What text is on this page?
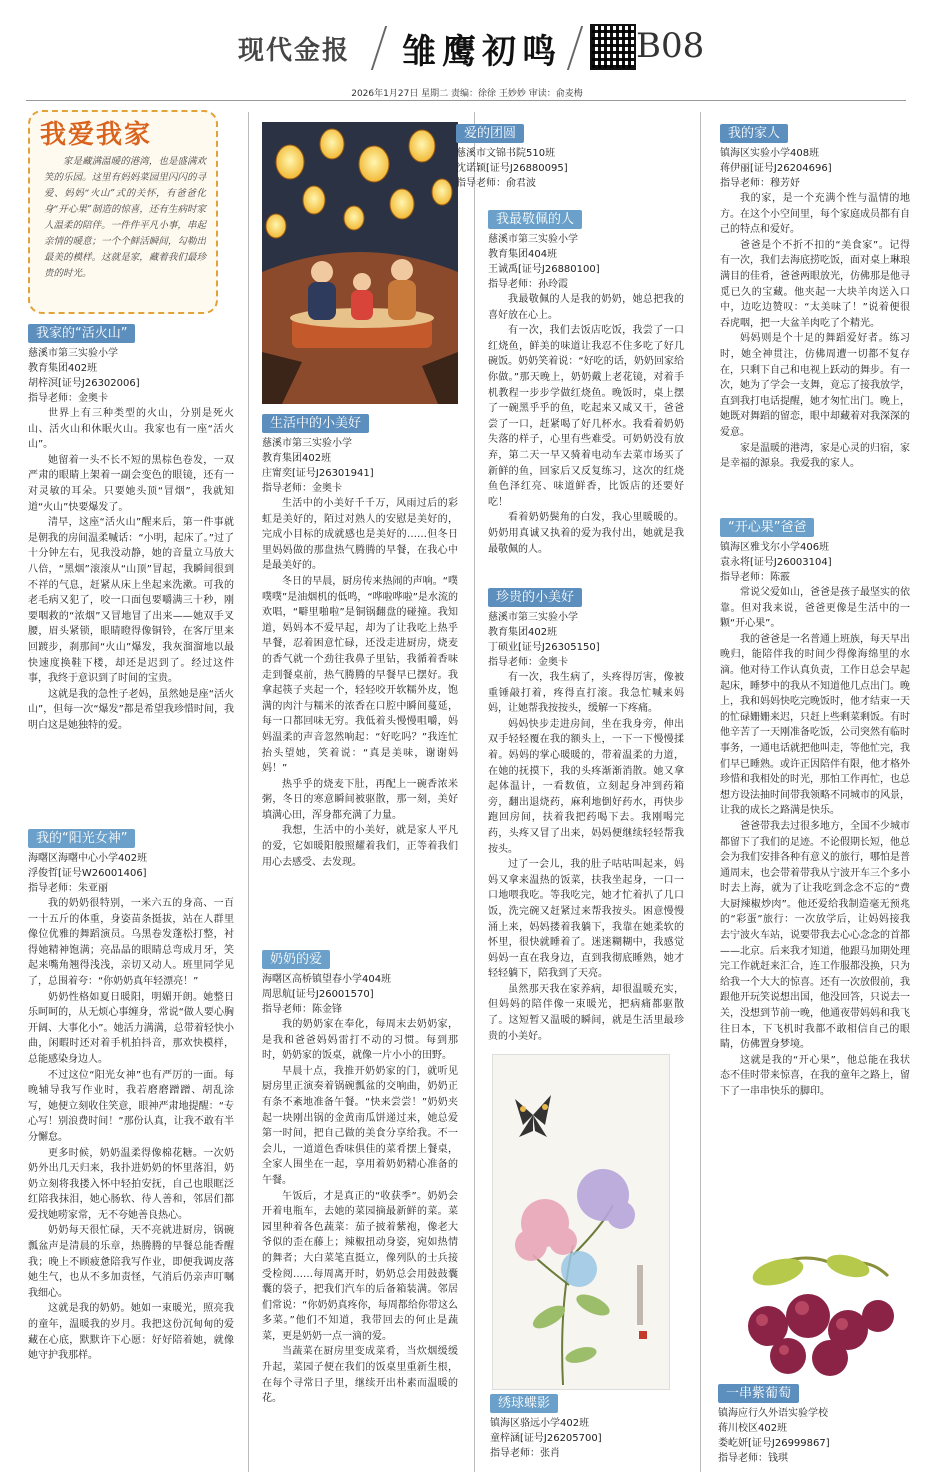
现代金报 雏鹰初鸣 B08
2026年1月27日 星期二 责编：徐徐 王妙妙 审读：俞麦梅
我爱我家

家是藏满温暖的港湾，也是盛满欢笑的乐园。这里有妈妈菜园里闪闪的寻爱、妈妈“火山”式的关怀，有爸爸化身“开心果”制造的惊喜，还有生病时家人温柔的陪伴。一件件平凡小事，串起亲情的暖意；一个个鲜活瞬间，勾勒出最美的模样。这就是家，藏着我们最珍贵的时光。

我家的“活火山”
慈溪市第三实验小学
教育集团402班
胡梓溟[证号J26302006]
指导老师：金奥卡

世界上有三种类型的火山，分别是死火山、活火山和休眠火山。我家也有一座“活火山”。

她留着一头不长不短的黑棕色卷发，一双严肃的眼睛上架着一副会变色的眼镜，还有一对灵敏的耳朵。只要她头顶“冒烟”，我就知道“火山”快要爆发了。

清早，这座“活火山”醒来后，第一件事就是朝我的房间温柔喊话：“小明，起床了。”过了十分钟左右，见我没动静，她的音量立马放大八倍，“黑烟”滚滚从“山顶”冒起，我瞬间很到不祥的气息，赶紧从床上坐起来洗漱。可我的老毛病又犯了，咬一口面包要嚼满三十秒，刚要咽救的“浓烟”又冒地冒了出来——她双手叉腰，眉头紧锁，眼睛瞪得像铜铃，在客厅里来回踱步，刹那间“火山”爆发，我灰溜溜地以最快速度换鞋下楼，却还是迟到了。经过这件事，我终于意识到了时间的宝贵。

这就是我的急性子老妈，虽然她是座“活火山”，但每一次“爆发”都是希望我珍惜时间，我明白这是她独特的爱。

我的“阳光女神”
海曙区海曙中心小学402班
浮俊哲[证号W26001406]
指导老师：朱亚丽

我的奶奶很特别，一米六五的身高、一百一十五斤的体重，身姿苗条挺拔，站在人群里像位优雅的舞蹈演员。乌黑卷发蓬松打整，衬得她精神饱满；亮晶晶的眼睛总弯成月牙，笑起来嘴角翘得浅浅，亲切又动人。班里同学见了，总围着夸：“你奶奶真年轻漂亮！”

奶奶性格如夏日暖阳，明媚开朗。她整日乐呵呵的，从无烦心事缠身，常说“做人要心胸开阔、大事化小”。她活力满满，总带着轻快小曲，闲暇时还对着手机拍抖音，那欢快模样，总能感染身边人。

不过这位“阳光女神”也有严厉的一面。每晚辅导我写作业时，我若磨磨蹭蹭、胡乱涂写，她便立刻收住笑意，眼神严肃地提醒：“专心写！别浪费时间！”那份认真，让我不敢有半分懈怠。

更多时候，奶奶温柔得像棉花糖。一次奶奶外出几天归来，我扑进奶奶的怀里落泪，奶奶立刻将我搂入怀中轻拍安抚，自己也眼眶泛红陪我抹泪，她心肠软、待人善和，邻居们都爱找她唠家常，无不夸她善良热心。

奶奶每天很忙碌，天不亮就进厨房，锅碗瓢盆声是清晨的乐章，热腾腾的早餐总能香醒我；晚上不顾疲惫陪我写作业，即便我调皮落她生气，也从不多加责怪，气消后仍亲声叮嘱我细心。

这就是我的奶奶。她如一束暖光，照亮我的童年，温暖我的岁月。我把这份沉甸甸的爱藏在心底，默默许下心愿：好好陪着她，就像她守护我那样。

生活中的小美好
慈溪市第三实验小学
教育集团402班
庄甯奕[证号J26301941]
指导老师：金奥卡

生活中的小美好千千万，风雨过后的彩虹是美好的，陌过对熟人的安慰是美好的，完成小目标的成就感也是美好的……但冬日里妈妈做的那盘热气腾腾的早餐，在我心中是最美好的。

冬日的早晨，厨房传来热闹的声响。“噗噗噗”是油烟机的低鸣，“哗啦哗啦”是水流的欢唱，“噼里啪啦”是铜锅翻盘的碰撞。我知道，妈妈本不爱早起，却为了让我吃上热乎早餐，忍着困意忙碌，还没走进厨房，烧麦的香气就一个劲往我鼻子里钻，我循着香味走到餐桌前，热气腾腾的早餐早已摆好。我拿起筷子夹起一个，轻轻咬开软糯外皮，饱满的肉汁与糯米的浓香在口腔中瞬间蔓延，每一口都回味无穷。我低着头慢慢咀嚼，妈妈温柔的声音忽然响起：“好吃吗？”我连忙抬头望她，笑着说：“真是美味，谢谢妈妈！”

热乎乎的烧麦下肚，再配上一碗香浓米粥，冬日的寒意瞬间被驱散，那一刻，美好填满心田，浑身都充满了力量。

我想，生活中的小美好，就是家人平凡的爱，它如暖阳般照耀着我们，正等着我们用心去感受、去发现。

奶奶的爱
海曙区高桥镇望春小学404班
周思航[证号J26001570]
指导老师：陈金锋

我的奶奶家在奉化，每周末去奶奶家，是我和爸爸妈妈雷打不动的习惯。每到那时，奶奶家的饭桌，就像一片小小的田野。

早晨十点，我推开奶奶家的门，就听见厨房里正演奏着锅碗瓢盆的交响曲，奶奶正有条不紊地准备午餐。“快来尝尝！”奶奶夹起一块刚出锅的金黄南瓜饼递过来，她总爱第一时间，把自己做的美食分享给我。不一会儿，一道道色香味俱佳的菜肴摆上餐桌，全家人围坐在一起，享用着奶奶精心准备的午餐。

午饭后，才是真正的“收获季”。奶奶会开着电瓶车，去她的菜园摘最新鲜的菜。菜园里种着各色蔬菜：茄子披着紫袍，像老大爷似的歪在藤上；辣椒扭动身姿，宛如热情的舞者；大白菜笔直挺立，像列队的士兵接受检阅……每周离开时，奶奶总会用鼓鼓囊囊的袋子，把我们汽车的后备箱装满。邻居们常说：“你奶奶真疼你，每周都给你带这么多菜。”他们不知道，我带回去的何止是蔬菜，更是奶奶一点一滴的爱。

当蔬菜在厨房里变成菜肴，当炊烟缓缓升起，菜园子便在我们的饭桌里重新生根，在每个寻常日子里，继续开出朴素而温暖的花。

爱的团圆
慈溪市文锦书院510班
沈诺颖[证号J26880095]
指导老师：俞君波
我最敬佩的人
慈溪市第三实验小学
教育集团404班
王诚禹[证号J26880100]
指导老师：孙玲霞

我最敬佩的人是我的奶奶，她总把我的喜好放在心上。

有一次，我们去饭店吃饭，我尝了一口红烧鱼，鲜美的味道让我忍不住多吃了好几碗饭。奶奶笑着说：“好吃的话，奶奶回家给你做。”那天晚上，奶奶戴上老花镜，对着手机教程一步步学做红烧鱼。晚饭时，桌上摆了一碗黑乎乎的鱼，吃起来又咸又干，爸爸尝了一口，赶紧喝了好几杯水。我看着奶奶失落的样子，心里有些难受。可奶奶没有放弃，第二天一早又骑着电动车去菜市场买了新鲜的鱼，回家后又反复练习，这次的红烧鱼色泽红亮、味道鲜香，比饭店的还要好吃！

看着奶奶鬓角的白发，我心里暖暖的。奶奶用真诚又执着的爱为我付出，她就是我最敬佩的人。

珍贵的小美好
慈溪市第三实验小学
教育集团402班
丁硕业[证号J26305150]
指导老师：金奥卡

有一次，我生病了，头疼得厉害，像被重锤敲打着，疼得直打滚。我急忙喊来妈妈，让她帮我按按头，缓解一下疼痛。

妈妈快步走进房间，坐在我身旁，伸出双手轻轻覆在我的额头上，一下一下慢慢揉着。妈妈的掌心暖暖的，带着温柔的力道，在她的抚摸下，我的头疼渐渐消散。她又拿起体温计，一看数值，立刻起身冲到药箱旁，翻出退烧药，麻利地倒好药水，再快步跑回房间，扶着我把药喝下去。我刚喝完药，头疼又冒了出来，妈妈便继续轻轻帮我按头。

过了一会儿，我的肚子咕咕叫起来，妈妈又拿来温热的饭菜，扶我坐起身，一口一口地喂我吃。等我吃完，她才忙着扒了几口饭，洗完碗又赶紧过来帮我按头。困意慢慢涌上来，妈妈搂着我躺下，我靠在她柔软的怀里，很快就睡着了。迷迷糊糊中，我感觉妈妈一直在我身边，直到我彻底睡熟，她才轻轻躺下，陪我到了天亮。

虽然那天我在家养病，却很温暖充实，但妈妈的陪伴像一束暖光，把病痛都驱散了。这短暂又温暖的瞬间，就是生活里最珍贵的小美好。

绣球蝶影
镇海区骆远小学402班
童梓涵[证号J26205700]
指导老师：张肖
我的家人
镇海区实验小学408班
蒋伊丽[证号J26204696]
指导老师：穆芳妤

我的家，是一个充满个性与温情的地方。在这个小空间里，每个家庭成员都有自己的特点和爱好。

爸爸是个不折不扣的“美食家”。记得有一次，我们去海底捞吃饭，面对桌上琳琅满目的佳肴，爸爸两眼放光，仿佛那是他寻觅已久的宝藏。他夹起一大块羊肉送入口中，边吃边赞叹：“太美味了！”说着便很吞虎咽，把一大盆羊肉吃了个精光。

妈妈则是个十足的舞蹈爱好者。练习时，她全神贯注，仿佛周遭一切都不复存在，只剩下自己和电视上跃动的舞步。有一次，她为了学会一支舞，竟忘了接我放学，直到我打电话提醒，她才匆忙出门。晚上，她既对舞蹈的留恋，眼中却藏着对我深深的爱意。

家是温暖的港湾，家是心灵的归宿，家是幸福的源泉。我爱我的家人。

“开心果”爸爸
镇海区雅戈尔小学406班
袁永将[证号J26003104]
指导老师：陈霰

常说父爱如山，爸爸是孩子最坚实的依靠。但对我来说，爸爸更像是生活中的一颗“开心果”。

我的爸爸是一名普通上班族，每天早出晚归，能陪伴我的时间少得像海绵里的水滴。他对待工作认真负责，工作日总会早起起床，睡梦中的我从不知道他几点出门。晚上，我和妈妈快吃完晚饭时，他才结束一天的忙碌姗姗来迟，只赶上些剩菜剩饭。有时他辛苦了一天刚准备吃饭，公司突然有临时事务，一通电话就把他叫走，等他忙完，我们早已睡熟。或许正因陪伴有限，他才格外珍惜和我相处的时光，那怕工作再忙，也总想方设法抽时间带我领略不同城市的风景，让我的成长之路满是快乐。

爸爸带我去过很多地方，全国不少城市都留下了我们的足迹。不论假期长短，他总会为我们安排各种有意义的旅行，哪怕是普通周末，也会带着带我从宁波开车三个多小时去上海，就为了让我吃到念念不忘的“费大厨辣椒炒肉”。他还爱给我制造毫无预兆的“彩蛋”旅行：一次放学后，让妈妈接我去宁波火车站，说要带我去心心念念的首都——北京。后来我才知道，他跟马加期处理完工作就赶来汇合，连工作服都没换，只为给我一个大大的惊喜。还有一次放假前，我跟他开玩笑说想出国，他没回答，只说去一关，没想到节前一晚，他通夜带妈妈和我飞往日本，下飞机时我都不敢相信自己的眼睛，仿佛置身梦境。

这就是我的“开心果”，他总能在我状态不佳时带来惊喜，在我的童年之路上，留下了一串串快乐的脚印。

一串紫葡萄
镇海应行久外语实验学校
蒋川校区402班
娄屹妍[证号J26999867]
指导老师：钱琪
